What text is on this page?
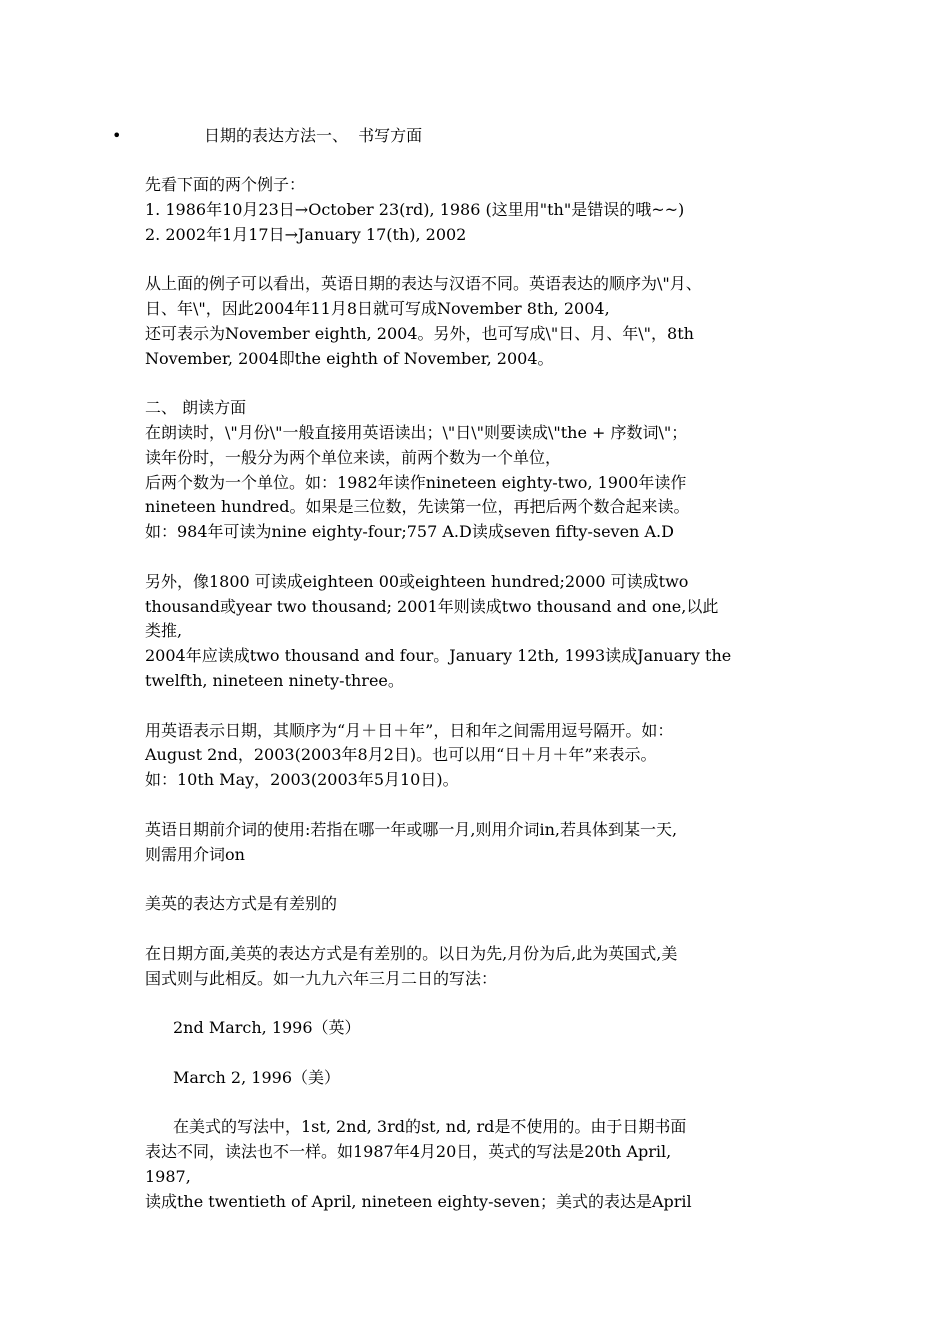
•	日期的表达方法一、  书写方面

先看下面的两个例子：

1. 1986年10月23日→October 23(rd), 1986 (这里用"th"是错误的哦~~)

2. 2002年1月17日→January 17(th), 2002

从上面的例子可以看出，英语日期的表达与汉语不同。英语表达的顺序为\"月、

日、年\"，因此2004年11月8日就可写成November 8th, 2004,

还可表示为November eighth, 2004。另外，也可写成\"日、月、年\"，8th

November, 2004即the eighth of November, 2004。

二、 朗读方面

在朗读时，\"月份\"一般直接用英语读出；\"日\"则要读成\"the + 序数词\"；

读年份时，一般分为两个单位来读，前两个数为一个单位，

后两个数为一个单位。如：1982年读作nineteen eighty-two, 1900年读作

nineteen hundred。如果是三位数，先读第一位，再把后两个数合起来读。

如：984年可读为nine eighty-four;757 A.D读成seven fifty-seven A.D

另外，像1800 可读成eighteen 00或eighteen hundred;2000 可读成two

thousand或year two thousand; 2001年则读成two thousand and one,以此

类推,

2004年应读成two thousand and four。January 12th, 1993读成January the

twelfth, nineteen ninety-three。

用英语表示日期，其顺序为“月＋日＋年”，日和年之间需用逗号隔开。如：

August 2nd，2003(2003年8月2日)。也可以用“日＋月＋年”来表示。

如：10th May，2003(2003年5月10日)。

英语日期前介词的使用:若指在哪一年或哪一月,则用介词in,若具体到某一天,

则需用介词on

美英的表达方式是有差别的

在日期方面,美英的表达方式是有差别的。以日为先,月份为后,此为英国式,美

国式则与此相反。如一九九六年三月二日的写法：

2nd March, 1996（英）

March 2, 1996（美）

在美式的写法中，1st, 2nd, 3rd的st, nd, rd是不使用的。由于日期书面

表达不同，读法也不一样。如1987年4月20日，英式的写法是20th April,

1987,

读成the twentieth of April, nineteen eighty-seven；美式的表达是April
